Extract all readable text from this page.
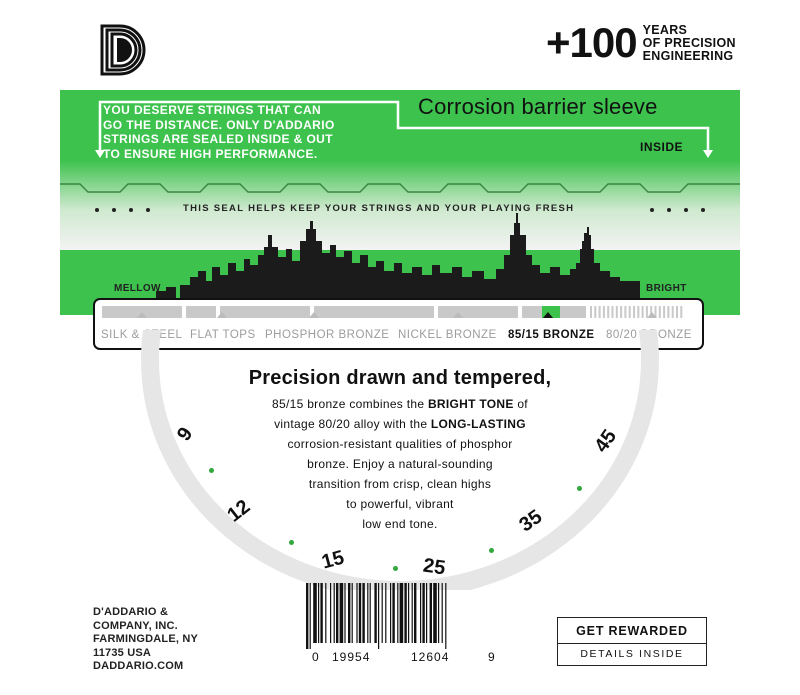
+100 YEARS
OF PRECISION
ENGINEERING
YOU DESERVE STRINGS THAT CAN
GO THE DISTANCE. ONLY D'ADDARIO
STRINGS ARE SEALED INSIDE & OUT
TO ENSURE HIGH PERFORMANCE.
Corrosion barrier sleeve
INSIDE
THIS SEAL HELPS KEEP YOUR STRINGS AND YOUR PLAYING FRESH
MELLOW	BRIGHT
SILK & STEEL FLAT TOPS PHOSPHOR BRONZE NICKEL BRONZE 85/15 BRONZE 80/20 BRONZE
Precision drawn and tempered,
85/15 bronze combines the BRIGHT TONE of
vintage 80/20 alloy with the LONG-LASTING
corrosion-resistant qualities of phosphor
bronze. Enjoy a natural-sounding
transition from crisp, clean highs
to powerful, vibrant
low end tone.
9
12
15	25
35
45
D'ADDARIO &
COMPANY, INC.
FARMINGDALE, NY
11735 USA
DADDARIO.COM
0 19954	12604	9
GET REWARDED
DETAILS INSIDE
